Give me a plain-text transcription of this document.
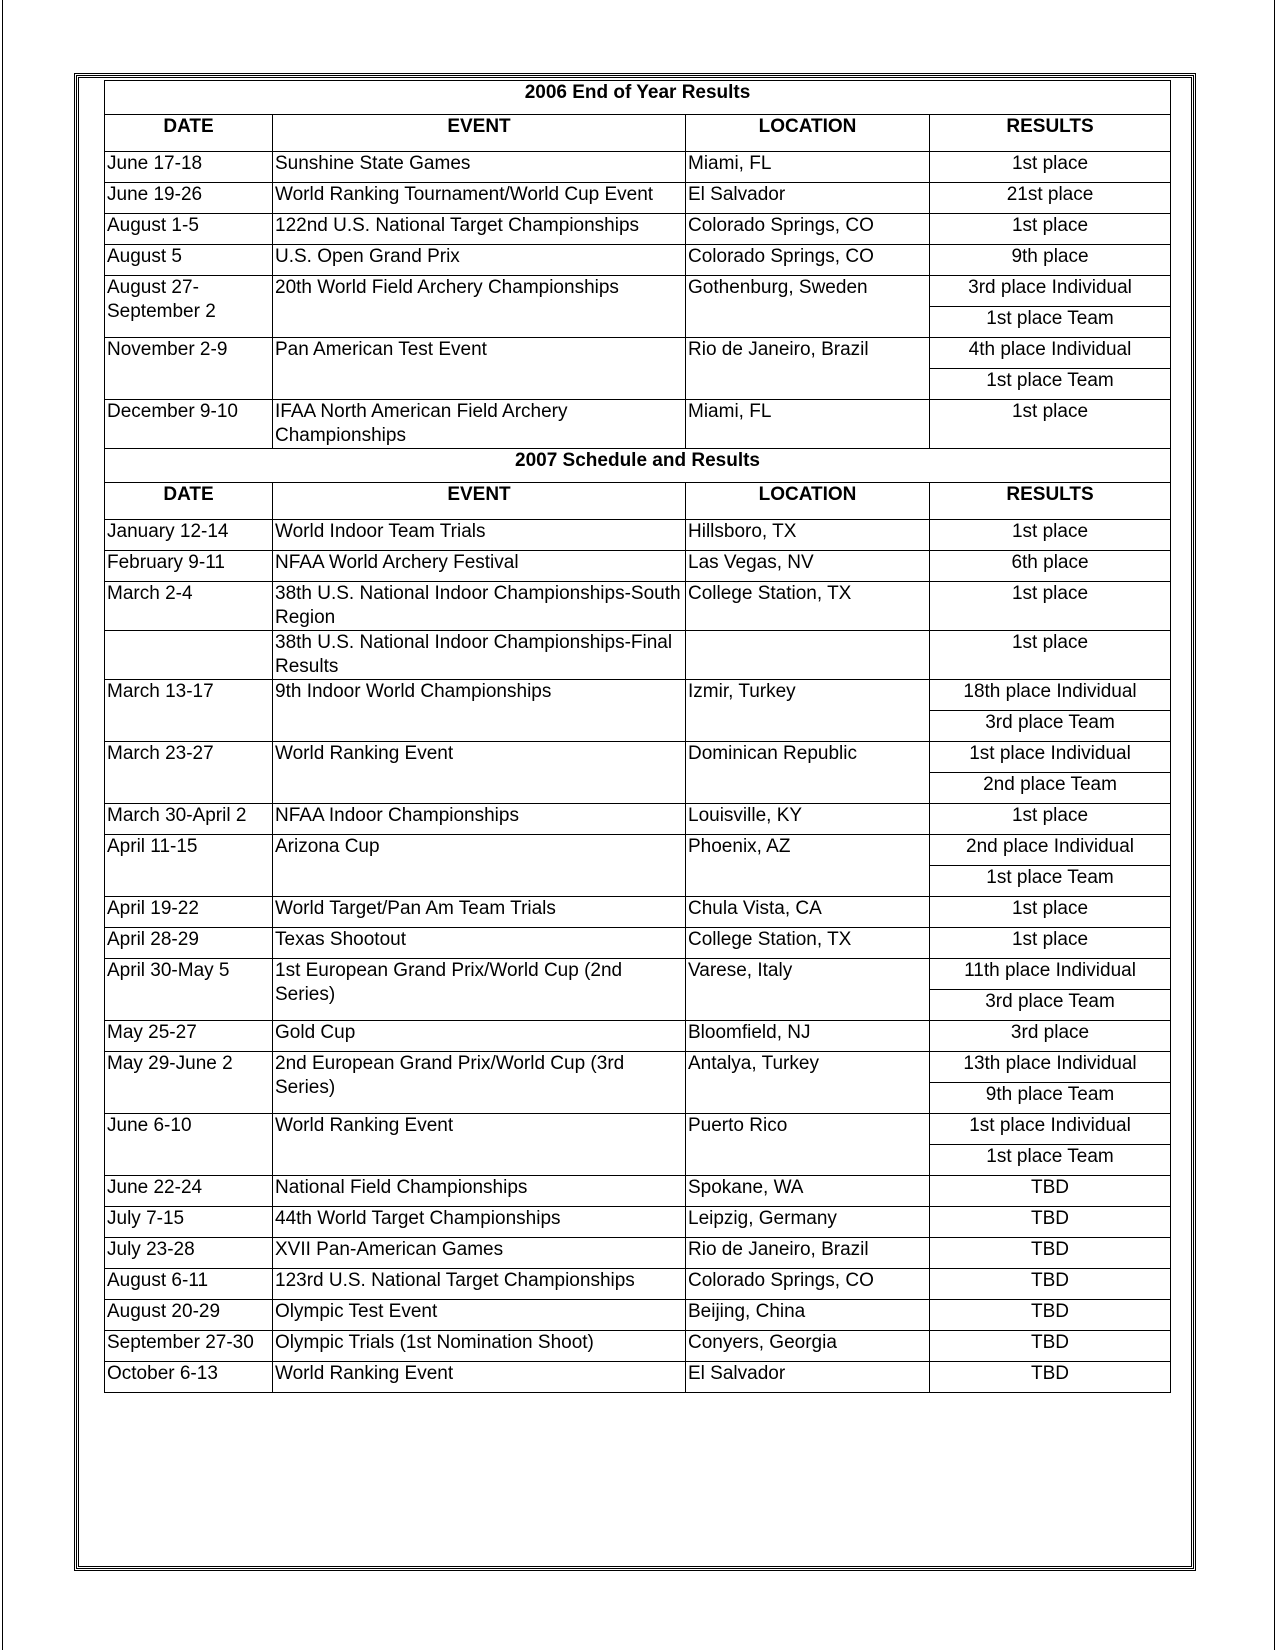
2006 End of Year Results			
DATE	EVENT	LOCATION	RESULTS
June 17-18	Sunshine State Games	Miami, FL	1st place
June 19-26	World Ranking Tournament/World Cup Event	El Salvador	21st place
August 1-5	122nd U.S. National Target Championships	Colorado Springs, CO	1st place
August 5	U.S. Open Grand Prix	Colorado Springs, CO	9th place
August 27-September 2	20th World Field Archery Championships	Gothenburg, Sweden	3rd place Individual
			1st place Team
November 2-9	Pan American Test Event	Rio de Janeiro, Brazil	4th place Individual
			1st place Team
December 9-10	IFAA North American Field Archery Championships	Miami, FL	1st place
2007 Schedule and Results			
DATE	EVENT	LOCATION	RESULTS
January 12-14	World Indoor Team Trials	Hillsboro, TX	1st place
February 9-11	NFAA World Archery Festival	Las Vegas, NV	6th place
March 2-4	38th U.S. National Indoor Championships-South Region	College Station, TX	1st place
	38th U.S. National Indoor Championships-Final Results		1st place
March 13-17	9th Indoor World Championships	Izmir, Turkey	18th place Individual
			3rd place Team
March 23-27	World Ranking Event	Dominican Republic	1st place Individual
			2nd place Team
March 30-April 2	NFAA Indoor Championships	Louisville, KY	1st place
April 11-15	Arizona Cup	Phoenix, AZ	2nd place Individual
			1st place Team
April 19-22	World Target/Pan Am Team Trials	Chula Vista, CA	1st place
April 28-29	Texas Shootout	College Station, TX	1st place
April 30-May 5	1st European Grand Prix/World Cup (2nd Series)	Varese, Italy	11th place Individual
			3rd place Team
May 25-27	Gold Cup	Bloomfield, NJ	3rd place
May 29-June 2	2nd European Grand Prix/World Cup (3rd Series)	Antalya, Turkey	13th place Individual
			9th place Team
June 6-10	World Ranking Event	Puerto Rico	1st place Individual
			1st place Team
June 22-24	National Field Championships	Spokane, WA	TBD
July 7-15	44th World Target Championships	Leipzig, Germany	TBD
July 23-28	XVII Pan-American Games	Rio de Janeiro, Brazil	TBD
August 6-11	123rd U.S. National Target Championships	Colorado Springs, CO	TBD
August 20-29	Olympic Test Event	Beijing, China	TBD
September 27-30	Olympic Trials (1st Nomination Shoot)	Conyers, Georgia	TBD
October 6-13	World Ranking Event	El Salvador	TBD
